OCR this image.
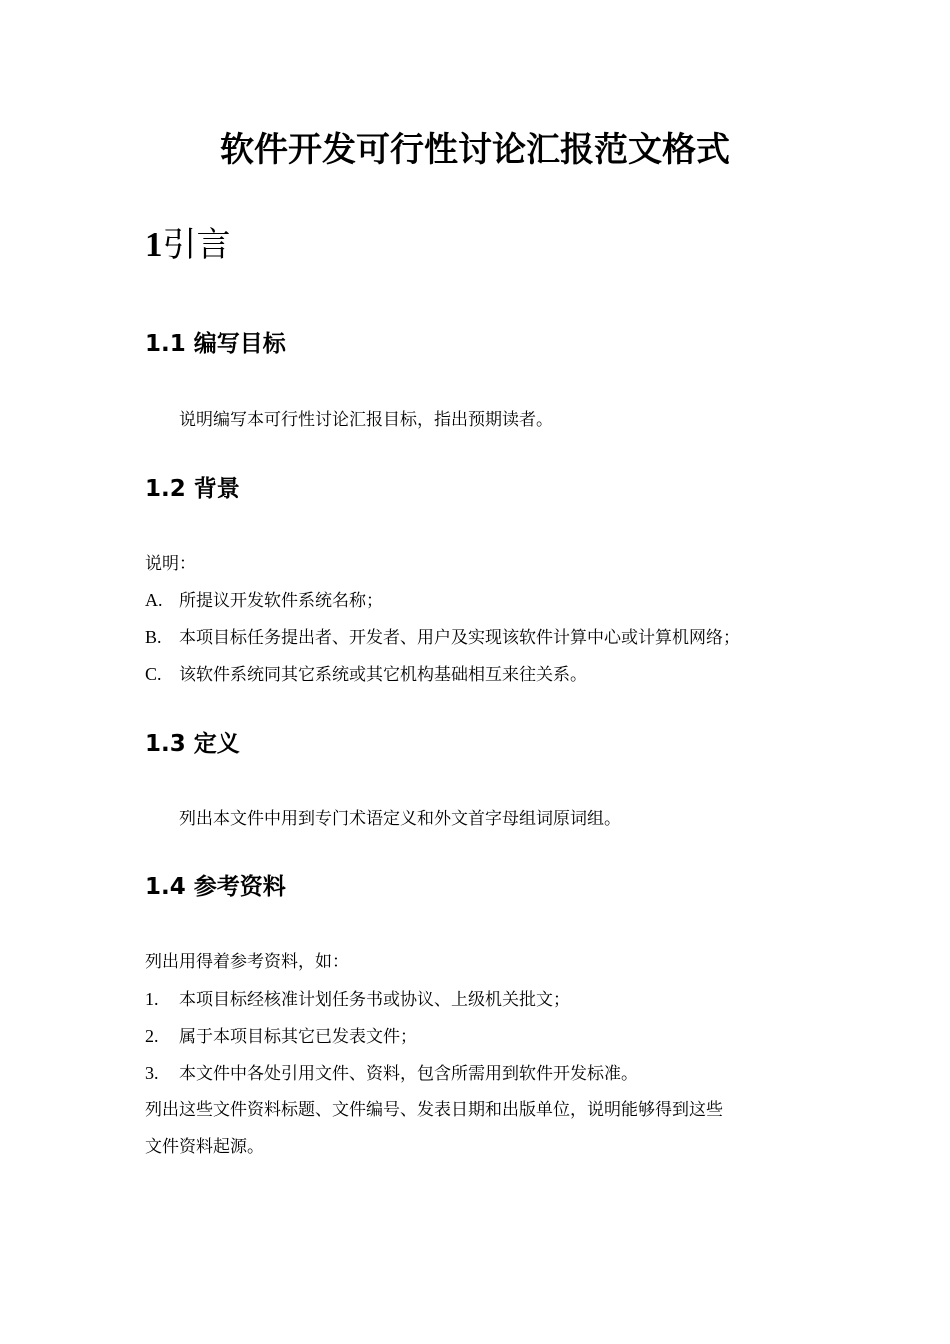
软件开发可行性讨论汇报范文格式
1引言
1.1 编写目标

说明编写本可行性讨论汇报目标，指出预期读者。

1.2 背景

说明：

A. 所提议开发软件系统名称；

B. 本项目标任务提出者、开发者、用户及实现该软件计算中心或计算机网络；

C. 该软件系统同其它系统或其它机构基础相互来往关系。

1.3 定义

列出本文件中用到专门术语定义和外文首字母组词原词组。

1.4 参考资料

列出用得着参考资料，如：

1. 本项目标经核准计划任务书或协议、上级机关批文；

2. 属于本项目标其它已发表文件；

3. 本文件中各处引用文件、资料，包含所需用到软件开发标准。

列出这些文件资料标题、文件编号、发表日期和出版单位，说明能够得到这些

文件资料起源。
